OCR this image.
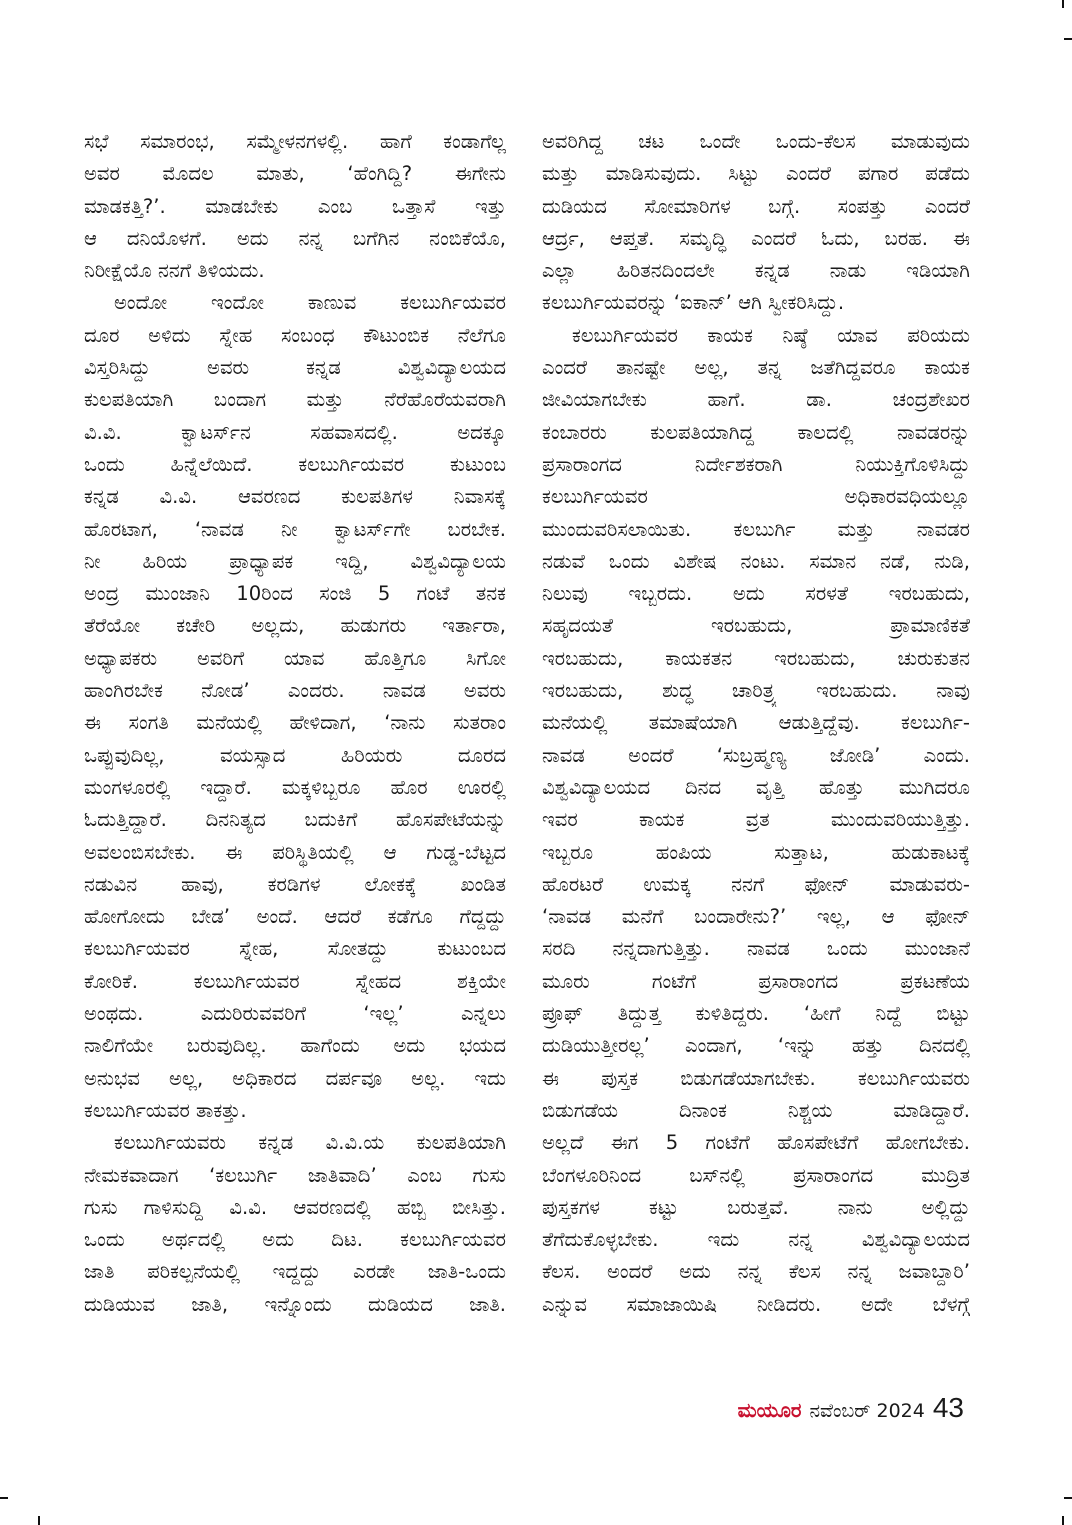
ಸಭೆ ಸಮಾರಂಭ, ಸಮ್ಮೇಳನಗಳಲ್ಲಿ. ಹಾಗೆ ಕಂಡಾಗೆಲ್ಲ
ಅವರ ಮೊದಲ ಮಾತು, ‘ಹೆಂಗಿದ್ದಿ? ಈಗೇನು
ಮಾಡಕತ್ತಿ?’. ಮಾಡಬೇಕು ಎಂಬ ಒತ್ತಾಸೆ ಇತ್ತು
ಆ ದನಿಯೊಳಗೆ. ಅದು ನನ್ನ ಬಗೆಗಿನ ನಂಬಿಕೆಯೊ,
ನಿರೀಕ್ಷೆಯೊ ನನಗೆ ತಿಳಿಯದು.
ಅಂದೋ ಇಂದೋ ಕಾಣುವ ಕಲಬುರ್ಗಿಯವರ
ದೂರ ಅಳಿದು ಸ್ನೇಹ ಸಂಬಂಧ ಕೌಟುಂಬಿಕ ನೆಲೆಗೂ
ವಿಸ್ತರಿಸಿದ್ದು ಅವರು ಕನ್ನಡ ವಿಶ್ವವಿದ್ಯಾಲಯದ
ಕುಲಪತಿಯಾಗಿ ಬಂದಾಗ ಮತ್ತು ನೆರೆಹೊರೆಯವರಾಗಿ
ವಿ.ವಿ. ಕ್ವಾಟರ್ಸ್‌ನ ಸಹವಾಸದಲ್ಲಿ. ಅದಕ್ಕೂ
ಒಂದು ಹಿನ್ನೆಲೆಯಿದೆ. ಕಲಬುರ್ಗಿಯವರ ಕುಟುಂಬ
ಕನ್ನಡ ವಿ.ವಿ. ಆವರಣದ ಕುಲಪತಿಗಳ ನಿವಾಸಕ್ಕೆ
ಹೊರಟಾಗ, ‘ನಾವಡ ನೀ ಕ್ವಾಟರ್ಸ್‌ಗೇ ಬರಬೇಕ.
ನೀ ಹಿರಿಯ ಪ್ರಾಧ್ಯಾಪಕ ಇದ್ದಿ, ವಿಶ್ವವಿದ್ಯಾಲಯ
ಅಂದ್ರ ಮುಂಜಾನಿ 10ರಿಂದ ಸಂಜಿ 5 ಗಂಟೆ ತನಕ
ತೆರೆಯೋ ಕಚೇರಿ ಅಲ್ಲದು, ಹುಡುಗರು ಇರ್ತಾರಾ,
ಅಧ್ಯಾಪಕರು ಅವರಿಗೆ ಯಾವ ಹೊತ್ತಿಗೂ ಸಿಗೋ
ಹಾಂಗಿರಬೇಕ ನೋಡ’ ಎಂದರು. ನಾವಡ ಅವರು
ಈ ಸಂಗತಿ ಮನೆಯಲ್ಲಿ ಹೇಳಿದಾಗ, ‘ನಾನು ಸುತರಾಂ
ಒಪ್ಪುವುದಿಲ್ಲ, ವಯಸ್ಸಾದ ಹಿರಿಯರು ದೂರದ
ಮಂಗಳೂರಲ್ಲಿ ಇದ್ದಾರೆ. ಮಕ್ಕಳಿಬ್ಬರೂ ಹೊರ ಊರಲ್ಲಿ
ಓದುತ್ತಿದ್ದಾರೆ. ದಿನನಿತ್ಯದ ಬದುಕಿಗೆ ಹೊಸಪೇಟೆಯನ್ನು
ಅವಲಂಬಿಸಬೇಕು. ಈ ಪರಿಸ್ಥಿತಿಯಲ್ಲಿ ಆ ಗುಡ್ಡ-ಬೆಟ್ಟದ
ನಡುವಿನ ಹಾವು, ಕರಡಿಗಳ ಲೋಕಕ್ಕೆ ಖಂಡಿತ
ಹೋಗೋದು ಬೇಡ’ ಅಂದೆ. ಆದರೆ ಕಡೆಗೂ ಗೆದ್ದದ್ದು
ಕಲಬುರ್ಗಿಯವರ ಸ್ನೇಹ, ಸೋತದ್ದು ಕುಟುಂಬದ
ಕೋರಿಕೆ. ಕಲಬುರ್ಗಿಯವರ ಸ್ನೇಹದ ಶಕ್ತಿಯೇ
ಅಂಥದು. ಎದುರಿರುವವರಿಗೆ ‘ಇಲ್ಲ’ ಎನ್ನಲು
ನಾಲಿಗೆಯೇ ಬರುವುದಿಲ್ಲ. ಹಾಗೆಂದು ಅದು ಭಯದ
ಅನುಭವ ಅಲ್ಲ, ಅಧಿಕಾರದ ದರ್ಪವೂ ಅಲ್ಲ. ಇದು
ಕಲಬುರ್ಗಿಯವರ ತಾಕತ್ತು.
ಕಲಬುರ್ಗಿಯವರು ಕನ್ನಡ ವಿ.ವಿ.ಯ ಕುಲಪತಿಯಾಗಿ
ನೇಮಕವಾದಾಗ ‘ಕಲಬುರ್ಗಿ ಜಾತಿವಾದಿ’ ಎಂಬ ಗುಸು
ಗುಸು ಗಾಳಿಸುದ್ದಿ ವಿ.ವಿ. ಆವರಣದಲ್ಲಿ ಹಬ್ಬಿ ಬೀಸಿತ್ತು.
ಒಂದು ಅರ್ಥದಲ್ಲಿ ಅದು ದಿಟ. ಕಲಬುರ್ಗಿಯವರ
ಜಾತಿ ಪರಿಕಲ್ಪನೆಯಲ್ಲಿ ಇದ್ದದ್ದು ಎರಡೇ ಜಾತಿ-ಒಂದು
ದುಡಿಯುವ ಜಾತಿ, ಇನ್ನೊಂದು ದುಡಿಯದ ಜಾತಿ.
ಅವರಿಗಿದ್ದ ಚಟ ಒಂದೇ ಒಂದು-ಕೆಲಸ ಮಾಡುವುದು
ಮತ್ತು ಮಾಡಿಸುವುದು. ಸಿಟ್ಟು ಎಂದರೆ ಪಗಾರ ಪಡೆದು
ದುಡಿಯದ ಸೋಮಾರಿಗಳ ಬಗ್ಗೆ. ಸಂಪತ್ತು ಎಂದರೆ
ಆರ್ದ್ರ, ಆಪ್ತತೆ. ಸಮೃದ್ಧಿ ಎಂದರೆ ಓದು, ಬರಹ. ಈ
ಎಲ್ಲಾ ಹಿರಿತನದಿಂದಲೇ ಕನ್ನಡ ನಾಡು ಇಡಿಯಾಗಿ
ಕಲಬುರ್ಗಿಯವರನ್ನು ‘ಐಕಾನ್’ ಆಗಿ ಸ್ವೀಕರಿಸಿದ್ದು.
ಕಲಬುರ್ಗಿಯವರ ಕಾಯಕ ನಿಷ್ಠೆ ಯಾವ ಪರಿಯದು
ಎಂದರೆ ತಾನಷ್ಟೇ ಅಲ್ಲ, ತನ್ನ ಜತೆಗಿದ್ದವರೂ ಕಾಯಕ
ಜೀವಿಯಾಗಬೇಕು ಹಾಗೆ. ಡಾ. ಚಂದ್ರಶೇಖರ
ಕಂಬಾರರು ಕುಲಪತಿಯಾಗಿದ್ದ ಕಾಲದಲ್ಲಿ ನಾವಡರನ್ನು
ಪ್ರಸಾರಾಂಗದ ನಿರ್ದೇಶಕರಾಗಿ ನಿಯುಕ್ತಿಗೊಳಿಸಿದ್ದು
ಕಲಬುರ್ಗಿಯವರ ಅಧಿಕಾರವಧಿಯಲ್ಲೂ
ಮುಂದುವರಿಸಲಾಯಿತು. ಕಲಬುರ್ಗಿ ಮತ್ತು ನಾವಡರ
ನಡುವೆ ಒಂದು ವಿಶೇಷ ನಂಟು. ಸಮಾನ ನಡೆ, ನುಡಿ,
ನಿಲುವು ಇಬ್ಬರದು. ಅದು ಸರಳತೆ ಇರಬಹುದು,
ಸಹೃದಯತೆ ಇರಬಹುದು, ಪ್ರಾಮಾಣಿಕತೆ
ಇರಬಹುದು, ಕಾಯಕತನ ಇರಬಹುದು, ಚುರುಕುತನ
ಇರಬಹುದು, ಶುದ್ಧ ಚಾರಿತ್ರ್ಯ ಇರಬಹುದು. ನಾವು
ಮನೆಯಲ್ಲಿ ತಮಾಷೆಯಾಗಿ ಆಡುತ್ತಿದ್ದೆವು. ಕಲಬುರ್ಗಿ-
ನಾವಡ ಅಂದರೆ ‘ಸುಬ್ರಹ್ಮಣ್ಯ ಜೋಡಿ’ ಎಂದು.
ವಿಶ್ವವಿದ್ಯಾಲಯದ ದಿನದ ವೃತ್ತಿ ಹೊತ್ತು ಮುಗಿದರೂ
ಇವರ ಕಾಯಕ ವ್ರತ ಮುಂದುವರಿಯುತ್ತಿತ್ತು.
ಇಬ್ಬರೂ ಹಂಪಿಯ ಸುತ್ತಾಟ, ಹುಡುಕಾಟಕ್ಕೆ
ಹೊರಟರೆ ಉಮಕ್ಕ ನನಗೆ ಫೋನ್ ಮಾಡುವರು-
‘ನಾವಡ ಮನೆಗೆ ಬಂದಾರೇನು?’ ಇಲ್ಲ, ಆ ಫೋನ್
ಸರದಿ ನನ್ನದಾಗುತ್ತಿತ್ತು. ನಾವಡ ಒಂದು ಮುಂಜಾನೆ
ಮೂರು ಗಂಟೆಗೆ ಪ್ರಸಾರಾಂಗದ ಪ್ರಕಟಣೆಯ
ಪ್ರೂಫ್ ತಿದ್ದುತ್ತ ಕುಳಿತಿದ್ದರು. ‘ಹೀಗೆ ನಿದ್ದೆ ಬಿಟ್ಟು
ದುಡಿಯುತ್ತೀರಲ್ಲ’ ಎಂದಾಗ, ‘ಇನ್ನು ಹತ್ತು ದಿನದಲ್ಲಿ
ಈ ಪುಸ್ತಕ ಬಿಡುಗಡೆಯಾಗಬೇಕು. ಕಲಬುರ್ಗಿಯವರು
ಬಿಡುಗಡೆಯ ದಿನಾಂಕ ನಿಶ್ಚಯ ಮಾಡಿದ್ದಾರೆ.
ಅಲ್ಲದೆ ಈಗ 5 ಗಂಟೆಗೆ ಹೊಸಪೇಟೆಗೆ ಹೋಗಬೇಕು.
ಬೆಂಗಳೂರಿನಿಂದ ಬಸ್‌ನಲ್ಲಿ ಪ್ರಸಾರಾಂಗದ ಮುದ್ರಿತ
ಪುಸ್ತಕಗಳ ಕಟ್ಟು ಬರುತ್ತವೆ. ನಾನು ಅಲ್ಲಿದ್ದು
ತೆಗೆದುಕೊಳ್ಳಬೇಕು. ಇದು ನನ್ನ ವಿಶ್ವವಿದ್ಯಾಲಯದ
ಕೆಲಸ. ಅಂದರೆ ಅದು ನನ್ನ ಕೆಲಸ ನನ್ನ ಜವಾಬ್ದಾರಿ’
ಎನ್ನುವ ಸಮಾಜಾಯಿಷಿ ನೀಡಿದರು. ಅದೇ ಬೆಳಗ್ಗೆ
ಮಯೂರ ನವೆಂಬರ್ 2024 43
